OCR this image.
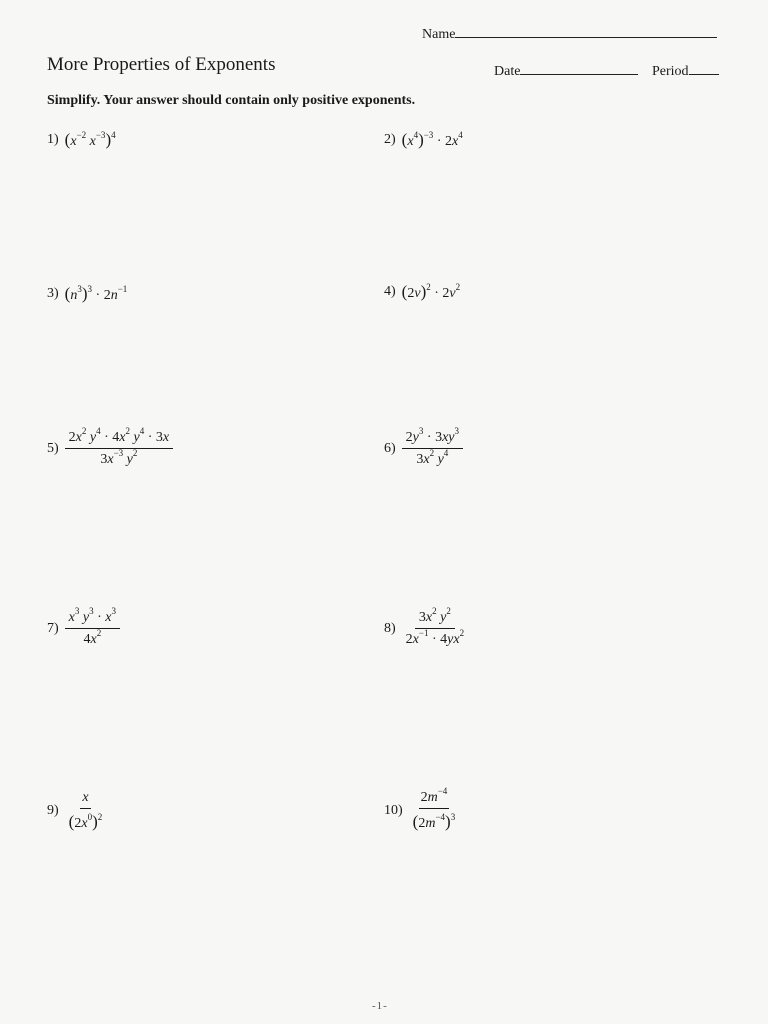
Name
More Properties of Exponents	Date	Period
Simplify. Your answer should contain only positive exponents.
1) ($x^{-2}$ $x^{-3})^4$	2) $(x^4)^{-3} \cdot 2x^4$
3) $(n^3)^3 \cdot 2n^{-1}$	4) $(2v)^2 \cdot 2v^2$
$5) \frac{2x^2 y^4 \cdot 4x^2 y^4 \cdot 3x}{3x^{-3} y^2}$	$6) \frac{2y^3 \cdot 3xy^3}{3x^2 y^4}$
$7) \frac{x^3 y^3 \cdot x^3}{4x^2}$	$8) \frac{3x^2 y^2}{2x^{-1} \cdot 4yx^2}$
$9) \frac{x}{(2x^0)^2}$	$10) \frac{2m^{-4}}{(2m^{-4})^3}$
-1-
